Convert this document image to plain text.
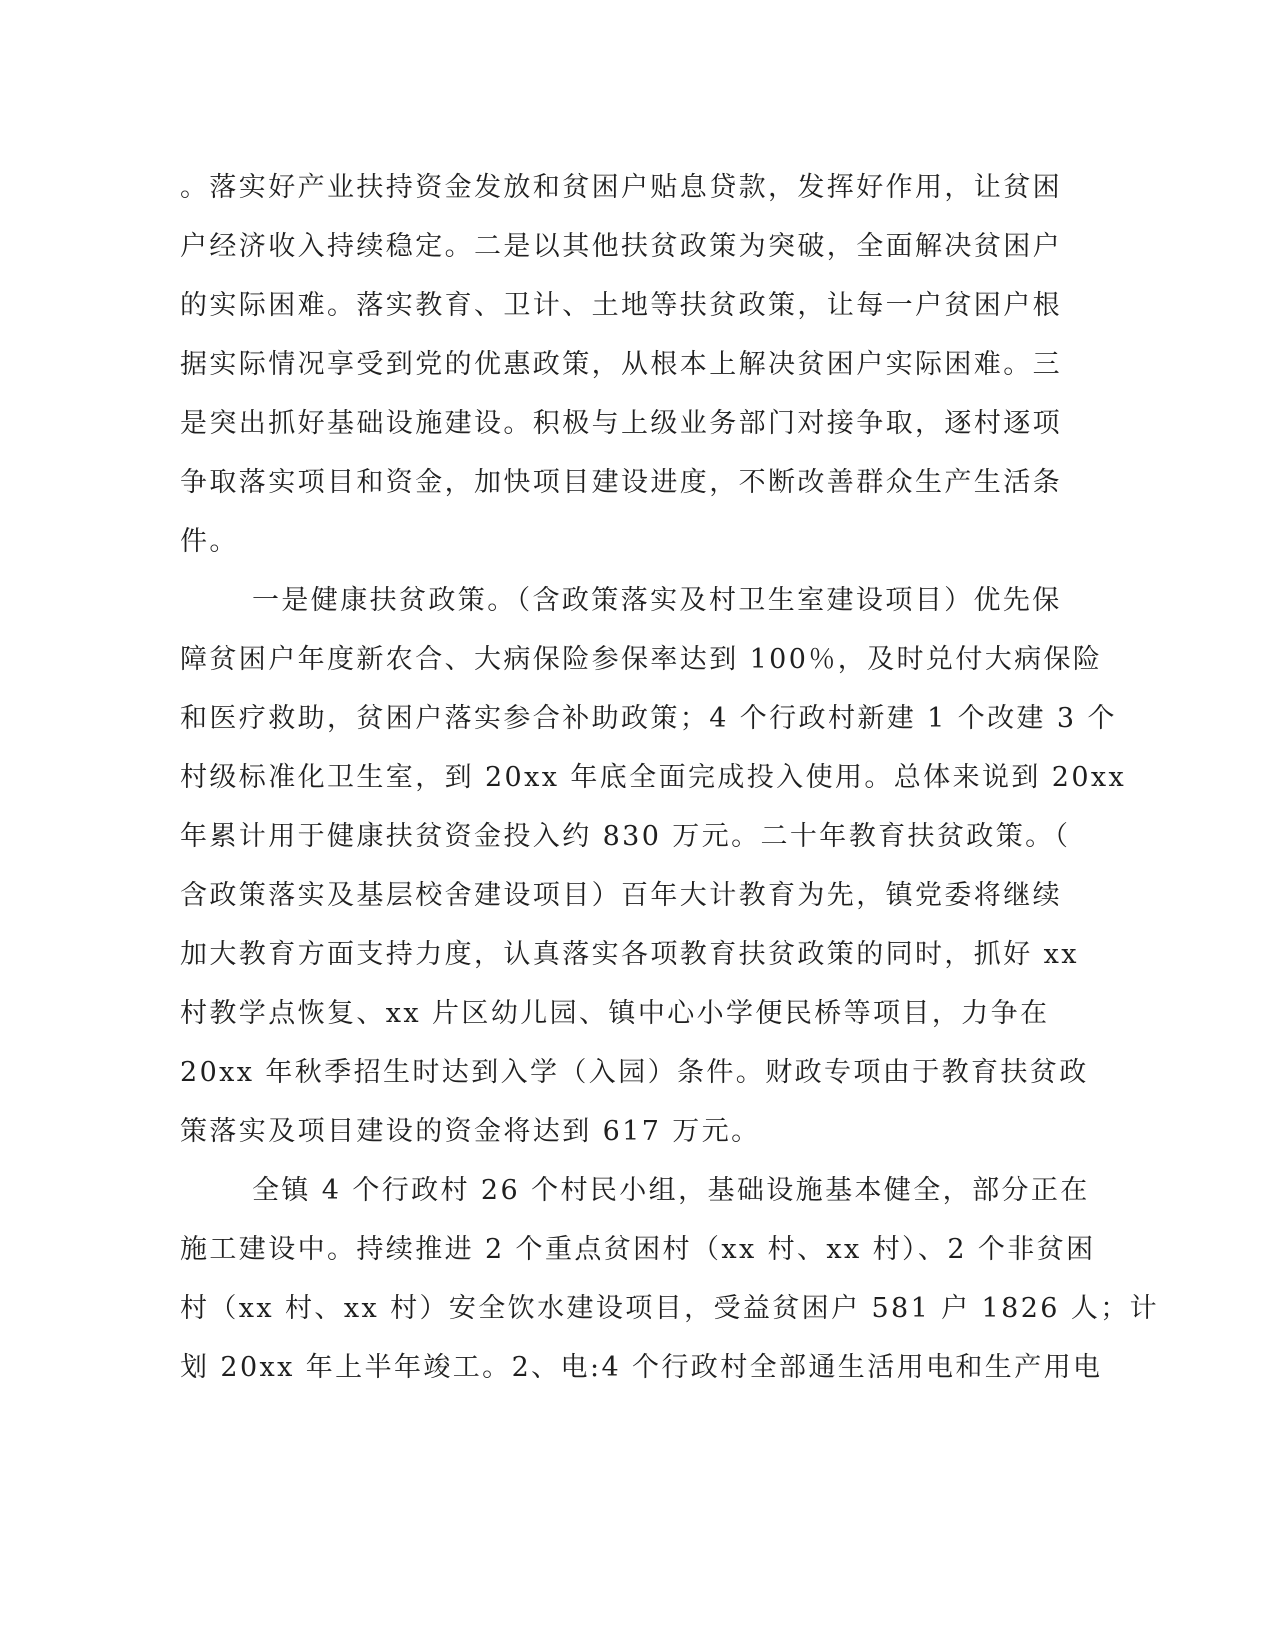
。落实好产业扶持资金发放和贫困户贴息贷款，发挥好作用，让贫困
户经济收入持续稳定。二是以其他扶贫政策为突破，全面解决贫困户
的实际困难。落实教育、卫计、土地等扶贫政策，让每一户贫困户根
据实际情况享受到党的优惠政策，从根本上解决贫困户实际困难。三
是突出抓好基础设施建设。积极与上级业务部门对接争取，逐村逐项
争取落实项目和资金，加快项目建设进度，不断改善群众生产生活条
件。
一是健康扶贫政策。（含政策落实及村卫生室建设项目）优先保
障贫困户年度新农合、大病保险参保率达到 100％，及时兑付大病保险
和医疗救助，贫困户落实参合补助政策；4 个行政村新建 1 个改建 3 个
村级标准化卫生室，到 20xx 年底全面完成投入使用。总体来说到 20xx
年累计用于健康扶贫资金投入约 830 万元。二十年教育扶贫政策。（
含政策落实及基层校舍建设项目）百年大计教育为先，镇党委将继续
加大教育方面支持力度，认真落实各项教育扶贫政策的同时，抓好 xx
村教学点恢复、xx 片区幼儿园、镇中心小学便民桥等项目，力争在
20xx 年秋季招生时达到入学（入园）条件。财政专项由于教育扶贫政
策落实及项目建设的资金将达到 617 万元。
全镇 4 个行政村 26 个村民小组，基础设施基本健全，部分正在
施工建设中。持续推进 2 个重点贫困村（xx 村、xx 村）、2 个非贫困
村（xx 村、xx 村）安全饮水建设项目，受益贫困户 581 户 1826 人；计
划 20xx 年上半年竣工。2、电:4 个行政村全部通生活用电和生产用电
